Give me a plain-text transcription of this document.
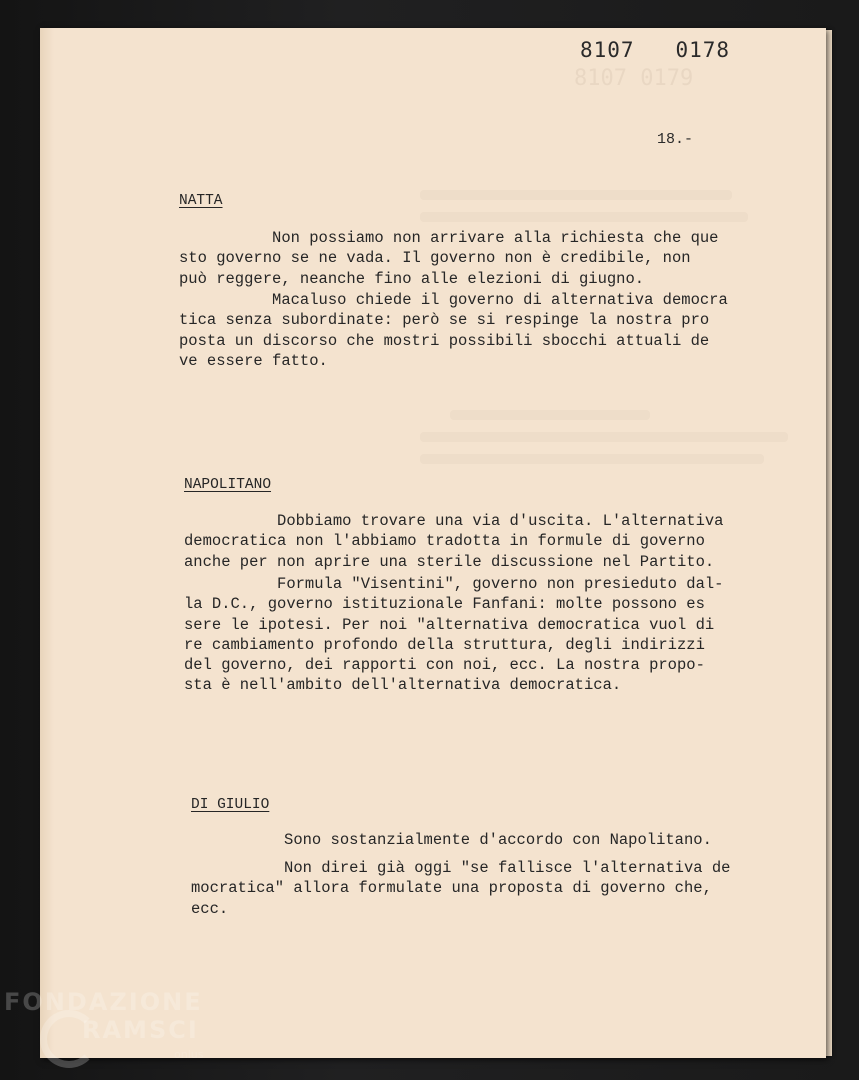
8107 0179
8107   0178
18.-
NATTA

Non possiamo non arrivare alla richiesta che que
sto governo se ne vada. Il governo non è credibile, non
può reggere, neanche fino alle elezioni di giugno.

Macaluso chiede il governo di alternativa democra
tica senza subordinate: però se si respinge la nostra pro
posta un discorso che mostri possibili sbocchi attuali de
ve essere fatto.

NAPOLITANO

Dobbiamo trovare una via d'uscita. L'alternativa
democratica non l'abbiamo tradotta in formule di governo
anche per non aprire una sterile discussione nel Partito.

Formula "Visentini", governo non presieduto dal-
la D.C., governo istituzionale Fanfani: molte possono es
sere le ipotesi. Per noi "alternativa democratica vuol di
re cambiamento profondo della struttura, degli indirizzi
del governo, dei rapporti con noi, ecc. La nostra propo-
sta è nell'ambito dell'alternativa democratica.

DI GIULIO

Sono sostanzialmente d'accordo con Napolitano.

Non direi già oggi "se fallisce l'alternativa de
mocratica" allora formulate una proposta di governo che,
ecc.

FONDAZIONE
RAMSCI
onlus
